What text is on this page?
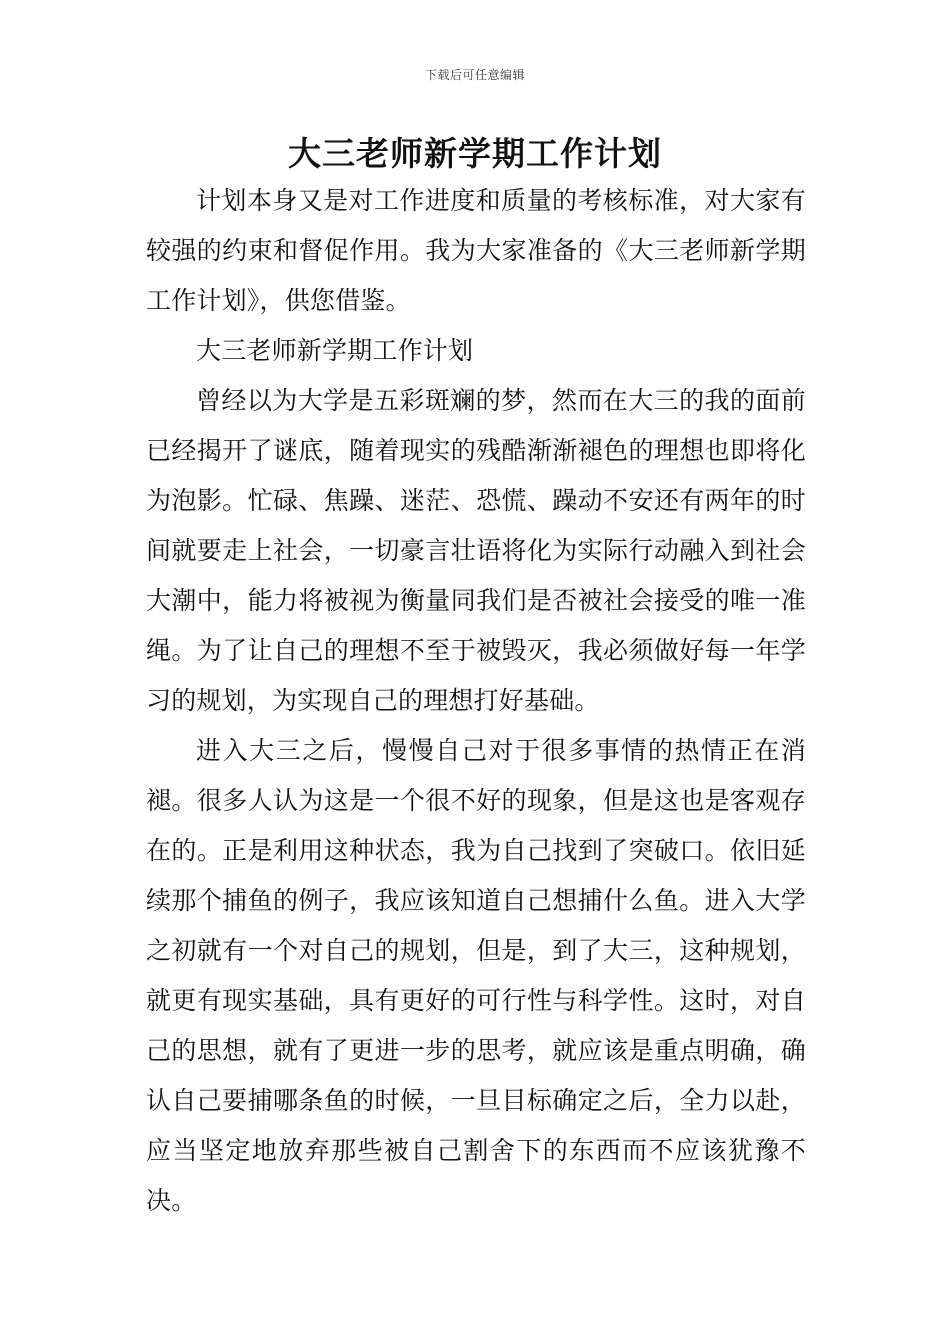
下载后可任意编辑
大三老师新学期工作计划

计划本身又是对工作进度和质量的考核标准，对大家有较强的约束和督促作用。我为大家准备的《大三老师新学期工作计划》，供您借鉴。

大三老师新学期工作计划

曾经以为大学是五彩斑斓的梦，然而在大三的我的面前已经揭开了谜底，随着现实的残酷渐渐褪色的理想也即将化为泡影。忙碌、焦躁、迷茫、恐慌、躁动不安还有两年的时间就要走上社会，一切豪言壮语将化为实际行动融入到社会大潮中，能力将被视为衡量同我们是否被社会接受的唯一准绳。为了让自己的理想不至于被毁灭，我必须做好每一年学习的规划，为实现自己的理想打好基础。

进入大三之后，慢慢自己对于很多事情的热情正在消褪。很多人认为这是一个很不好的现象，但是这也是客观存在的。正是利用这种状态，我为自己找到了突破口。依旧延续那个捕鱼的例子，我应该知道自己想捕什么鱼。进入大学之初就有一个对自己的规划，但是，到了大三，这种规划，就更有现实基础，具有更好的可行性与科学性。这时，对自己的思想，就有了更进一步的思考，就应该是重点明确，确认自己要捕哪条鱼的时候，一旦目标确定之后，全力以赴，应当坚定地放弃那些被自己割舍下的东西而不应该犹豫不决。
